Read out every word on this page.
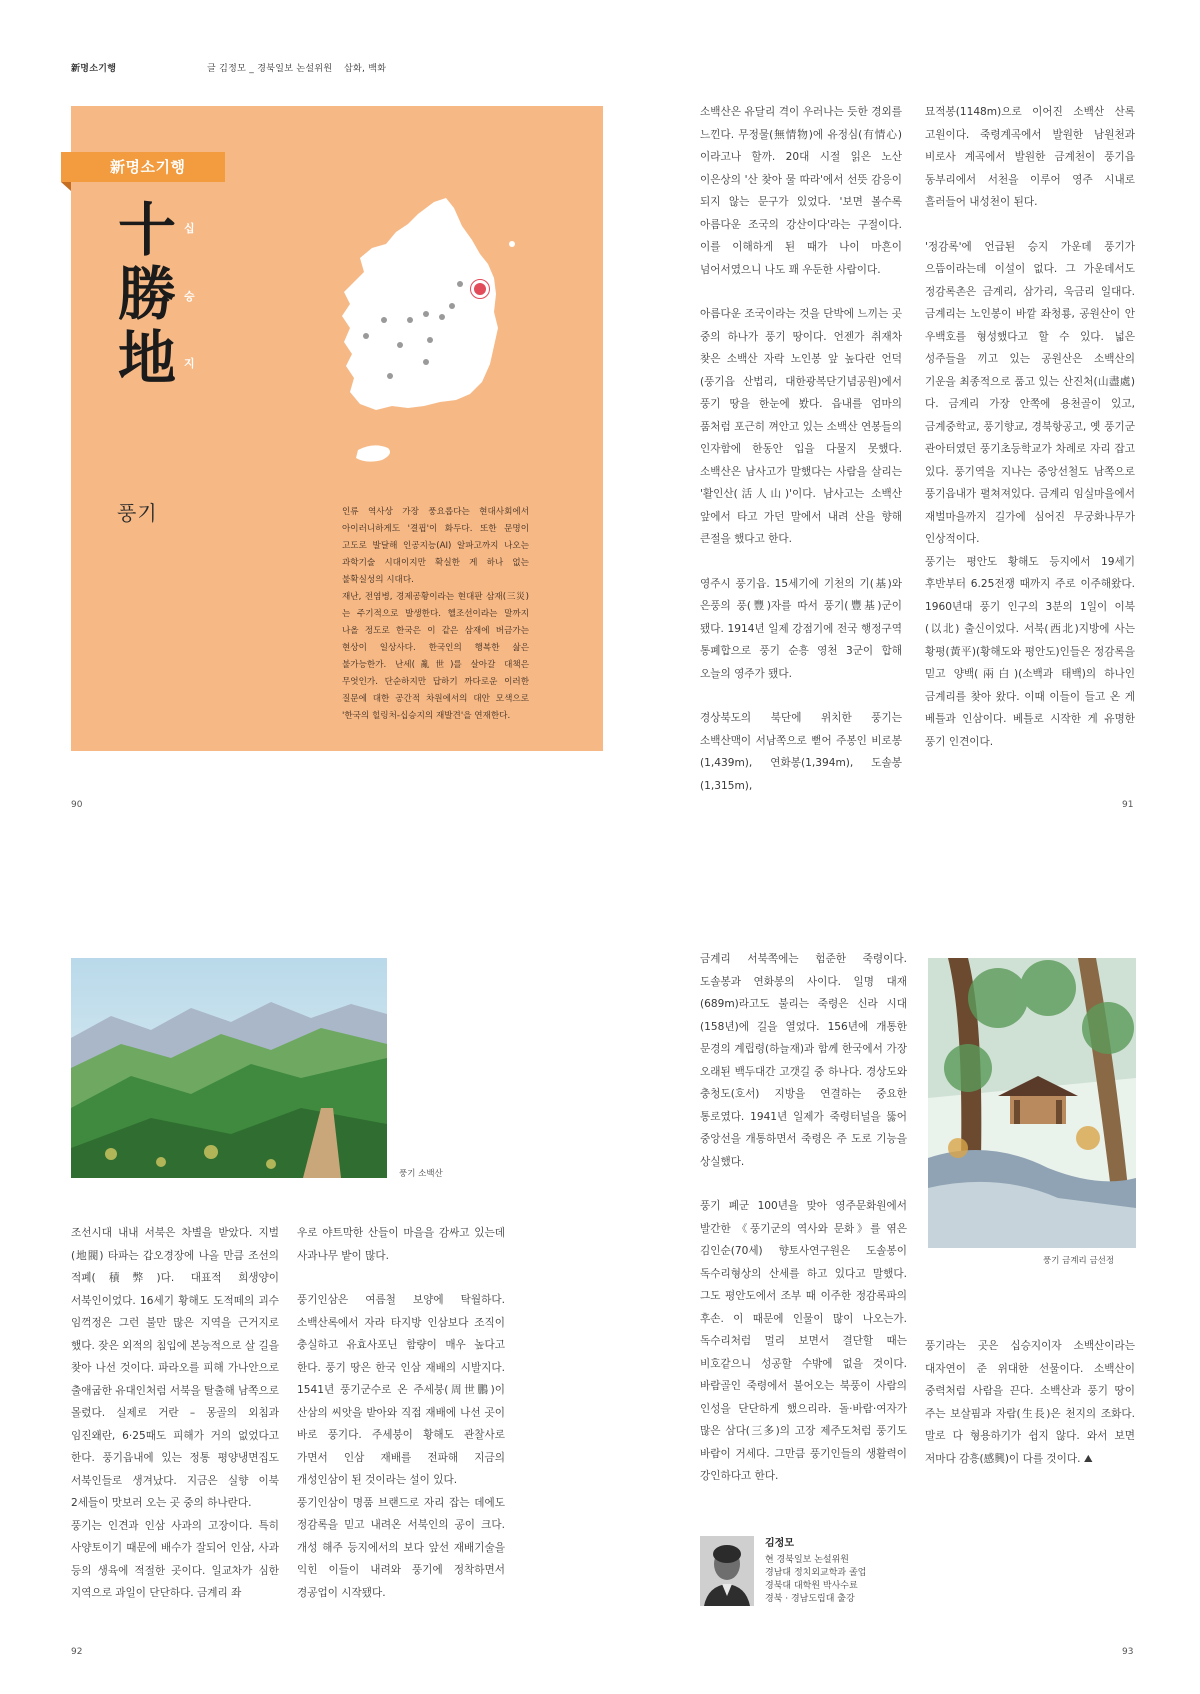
新명소기행	글 김정모 _ 경북일보 논설위원 삽화, 백화
新명소기행
十
勝
地
십
승
지
풍기	인류 역사상 가장 풍요롭다는 현대사회에서 아이러니하게도 '결핍'이 화두다. 또한 문명이 고도로 발달해 인공지능(AI) 알파고까지 나오는 과학기술 시대이지만 확실한 게 하나 없는 불확실성의 시대다.

재난, 전염병, 경제공황이라는 현대판 삼재(三災)는 주기적으로 발생한다. 헬조선이라는 말까지 나올 정도로 한국은 이 같은 삼재에 버금가는 현상이 일상사다. 한국인의 행복한 삶은 불가능한가. 난세(亂世)를 살아갈 대책은 무엇인가. 단순하지만 답하기 까다로운 이러한 질문에 대한 공간적 차원에서의 대안 모색으로 '한국의 힐링처-십승지의 재발견'을 연재한다.

90

소백산은 유달리 격이 우러나는 듯한 경외를 느낀다. 무정물(無情物)에 유정심(有情心)이라고나 할까. 20대 시절 읽은 노산 이은상의 '산 찾아 물 따라'에서 선뜻 감응이 되지 않는 문구가 있었다. '보면 볼수록 아름다운 조국의 강산이다'라는 구절이다. 이를 이해하게 된 때가 나이 마흔이 넘어서였으니 나도 꽤 우둔한 사람이다.

아름다운 조국이라는 것을 단박에 느끼는 곳 중의 하나가 풍기 땅이다. 언젠가 취재차 찾은 소백산 자락 노인봉 앞 높다란 언덕(풍기읍 산법리, 대한광복단기념공원)에서 풍기 땅을 한눈에 봤다. 읍내를 엄마의 품처럼 포근히 껴안고 있는 소백산 연봉들의 인자함에 한동안 입을 다물지 못했다. 소백산은 남사고가 말했다는 사람을 살리는 '활인산(活人山)'이다. 남사고는 소백산 앞에서 타고 가던 말에서 내려 산을 향해 큰절을 했다고 한다.

영주시 풍기읍. 15세기에 기천의 기(基)와 은풍의 풍(豐)자를 따서 풍기(豐基)군이 됐다. 1914년 일제 강점기에 전국 행정구역 통폐합으로 풍기 순흥 영천 3군이 합해 오늘의 영주가 됐다.

경상북도의 북단에 위치한 풍기는 소백산맥이 서남쪽으로 뻗어 주봉인 비로봉(1,439m), 연화봉(1,394m), 도솔봉(1,315m),

묘적봉(1148m)으로 이어진 소백산 산록 고원이다. 죽령계곡에서 발원한 남원천과 비로사 계곡에서 발원한 금계천이 풍기읍 동부리에서 서천을 이루어 영주 시내로 흘러들어 내성천이 된다.

'정감록'에 언급된 승지 가운데 풍기가 으뜸이라는데 이설이 없다. 그 가운데서도 정감록촌은 금계리, 삼가리, 욱금리 일대다. 금계리는 노인봉이 바깥 좌청룡, 공원산이 안 우백호를 형성했다고 할 수 있다. 넓은 성주들을 끼고 있는 공원산은 소백산의 기운을 최종적으로 품고 있는 산진처(山盡處)다. 금계리 가장 안쪽에 용천골이 있고, 금계중학교, 풍기향교, 경북항공고, 옛 풍기군 관아터였던 풍기초등학교가 차례로 자리 잡고 있다. 풍기역을 지나는 중앙선철도 남쪽으로 풍기읍내가 펼쳐져있다. 금계리 임실마을에서 재벌마을까지 길가에 심어진 무궁화나무가 인상적이다.

풍기는 평안도 황해도 등지에서 19세기 후반부터 6.25전쟁 때까지 주로 이주해왔다. 1960년대 풍기 인구의 3분의 1일이 이북(以北) 출신이었다. 서북(西北)지방에 사는 황평(黃平)(황해도와 평안도)인들은 정감록을 믿고 양백(兩白)(소백과 태백)의 하나인 금계리를 찾아 왔다. 이때 이들이 들고 온 게 베틀과 인삼이다. 베틀로 시작한 게 유명한 풍기 인견이다.

91
풍기 소백산

조선시대 내내 서북은 차별을 받았다. 지벌(地閥) 타파는 갑오경장에 나올 만큼 조선의 적폐(積弊)다. 대표적 희생양이 서북인이었다. 16세기 황해도 도적떼의 괴수 임꺽정은 그런 불만 많은 지역을 근거지로 했다. 잦은 외적의 침입에 본능적으로 살 길을 찾아 나선 것이다. 파라오를 피해 가나안으로 출애굽한 유대인처럼 서북을 탈출해 남쪽으로 몰렸다. 실제로 거란 – 몽골의 외침과 임진왜란, 6·25때도 피해가 거의 없었다고 한다. 풍기읍내에 있는 정통 평양냉면집도 서북인들로 생겨났다. 지금은 실향 이북 2세들이 맛보러 오는 곳 중의 하나란다.

풍기는 인견과 인삼 사과의 고장이다. 특히 사양토이기 때문에 배수가 잘되어 인삼, 사과 등의 생육에 적절한 곳이다. 일교차가 심한 지역으로 과일이 단단하다. 금계리 좌

우로 야트막한 산들이 마을을 감싸고 있는데 사과나무 밭이 많다.

풍기인삼은 여름철 보양에 탁월하다. 소백산록에서 자라 타지방 인삼보다 조직이 충실하고 유효사포닌 함량이 매우 높다고 한다. 풍기 땅은 한국 인삼 재배의 시발지다. 1541년 풍기군수로 온 주세붕(周世鵬)이 산삼의 씨앗을 받아와 직접 재배에 나선 곳이 바로 풍기다. 주세붕이 황해도 관찰사로 가면서 인삼 재배를 전파해 지금의 개성인삼이 된 것이라는 설이 있다.

풍기인삼이 명품 브랜드로 자리 잡는 데에도 정감록을 믿고 내려온 서북인의 공이 크다. 개성 해주 등지에서의 보다 앞선 재배기술을 익힌 이들이 내려와 풍기에 정착하면서 경공업이 시작됐다.

92

금계리 서북쪽에는 험준한 죽령이다. 도솔봉과 연화봉의 사이다. 일명 대재(689m)라고도 불리는 죽령은 신라 시대(158년)에 길을 열었다. 156년에 개통한 문경의 계립령(하늘재)과 함께 한국에서 가장 오래된 백두대간 고갯길 중 하나다. 경상도와 충청도(호서) 지방을 연결하는 중요한 통로였다. 1941년 일제가 죽령터널을 뚫어 중앙선을 개통하면서 죽령은 주 도로 기능을 상실했다.

풍기 폐군 100년을 맞아 영주문화원에서 발간한 《풍기군의 역사와 문화》를 엮은 김인순(70세) 향토사연구원은 도솔봉이 독수리형상의 산세를 하고 있다고 말했다. 그도 평안도에서 조부 때 이주한 정감록파의 후손. 이 때문에 인물이 많이 나오는가. 독수리처럼 멀리 보면서 결단할 때는 비호같으니 성공할 수밖에 없을 것이다. 바람골인 죽령에서 불어오는 북풍이 사람의 인성을 단단하게 했으리라. 돌·바람·여자가 많은 삼다(三多)의 고장 제주도처럼 풍기도 바람이 거세다. 그만큼 풍기인들의 생활력이 강인하다고 한다.

풍기 금계리 금선정

풍기라는 곳은 십승지이자 소백산이라는 대자연이 준 위대한 선물이다. 소백산이 중력처럼 사람을 끈다. 소백산과 풍기 땅이 주는 보살핌과 자람(生長)은 천지의 조화다. 말로 다 형용하기가 쉽지 않다. 와서 보면 저마다 감흥(感興)이 다를 것이다. ⛰

김정모
현 경북일보 논설위원
경남대 정치외교학과 졸업
경북대 대학원 박사수료
경북 · 경남도립대 출강
93
